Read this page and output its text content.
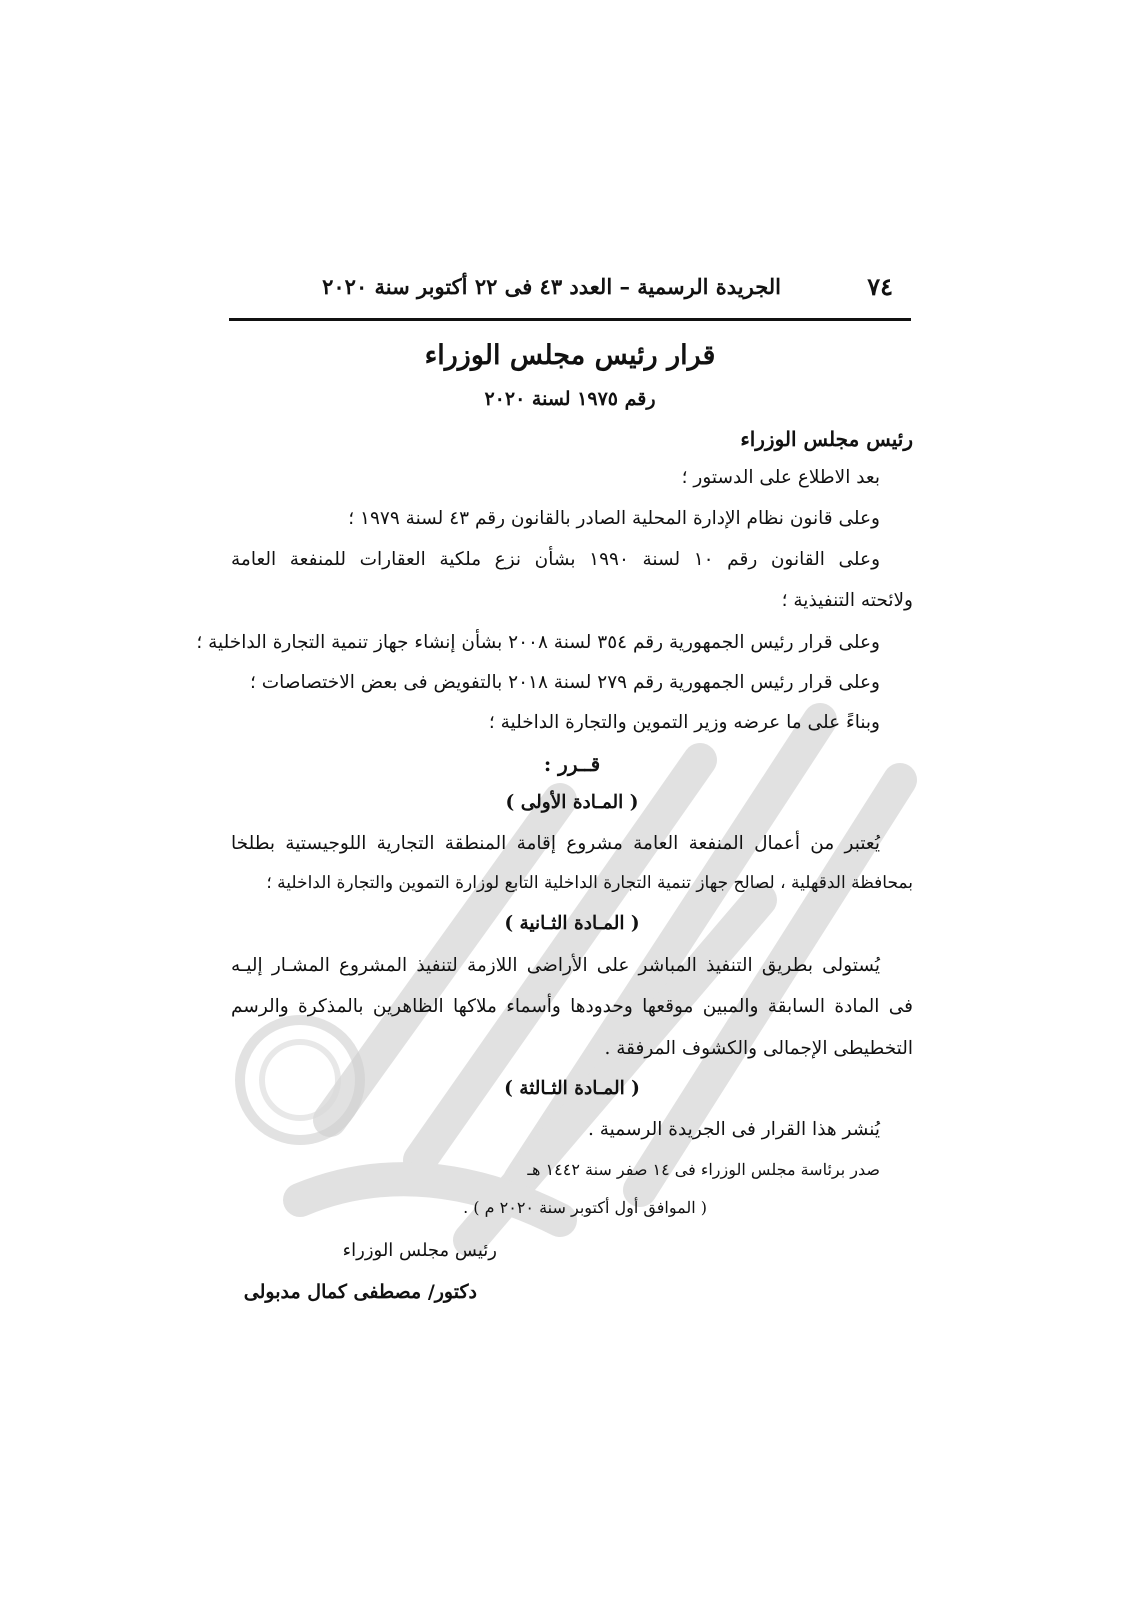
٧٤
الجريدة الرسمية – العدد ٤٣ فى ٢٢ أكتوبر سنة ٢٠٢٠
قرار رئيس مجلس الوزراء
رقم ١٩٧٥ لسنة ٢٠٢٠
رئيس مجلس الوزراء
بعد الاطلاع على الدستور ؛
وعلى قانون نظام الإدارة المحلية الصادر بالقانون رقم ٤٣ لسنة ١٩٧٩ ؛
وعلى القانون رقم ١٠ لسنة ١٩٩٠ بشأن نزع ملكية العقارات للمنفعة العامة
ولائحته التنفيذية ؛
وعلى قرار رئيس الجمهورية رقم ٣٥٤ لسنة ٢٠٠٨ بشأن إنشاء جهاز تنمية التجارة الداخلية ؛
وعلى قرار رئيس الجمهورية رقم ٢٧٩ لسنة ٢٠١٨ بالتفويض فى بعض الاختصاصات ؛
وبناءً على ما عرضه وزير التموين والتجارة الداخلية ؛
قــرر :
( المـادة الأولى )
يُعتبر من أعمال المنفعة العامة مشروع إقامة المنطقة التجارية اللوجيستية بطلخا
بمحافظة الدقهلية ، لصالح جهاز تنمية التجارة الداخلية التابع لوزارة التموين والتجارة الداخلية ؛
( المـادة الثـانية )
يُستولى بطريق التنفيذ المباشر على الأراضى اللازمة لتنفيذ المشروع المشـار إليـه
فى المادة السابقة والمبين موقعها وحدودها وأسماء ملاكها الظاهرين بالمذكرة والرسم
التخطيطى الإجمالى والكشوف المرفقة .
( المـادة الثـالثة )
يُنشر هذا القرار فى الجريدة الرسمية .
صدر برئاسة مجلس الوزراء فى ١٤ صفر سنة ١٤٤٢ هـ
( الموافق أول أكتوبر سنة ٢٠٢٠ م ) .
رئيس مجلس الوزراء
دكتور/ مصطفى كمال مدبولى
